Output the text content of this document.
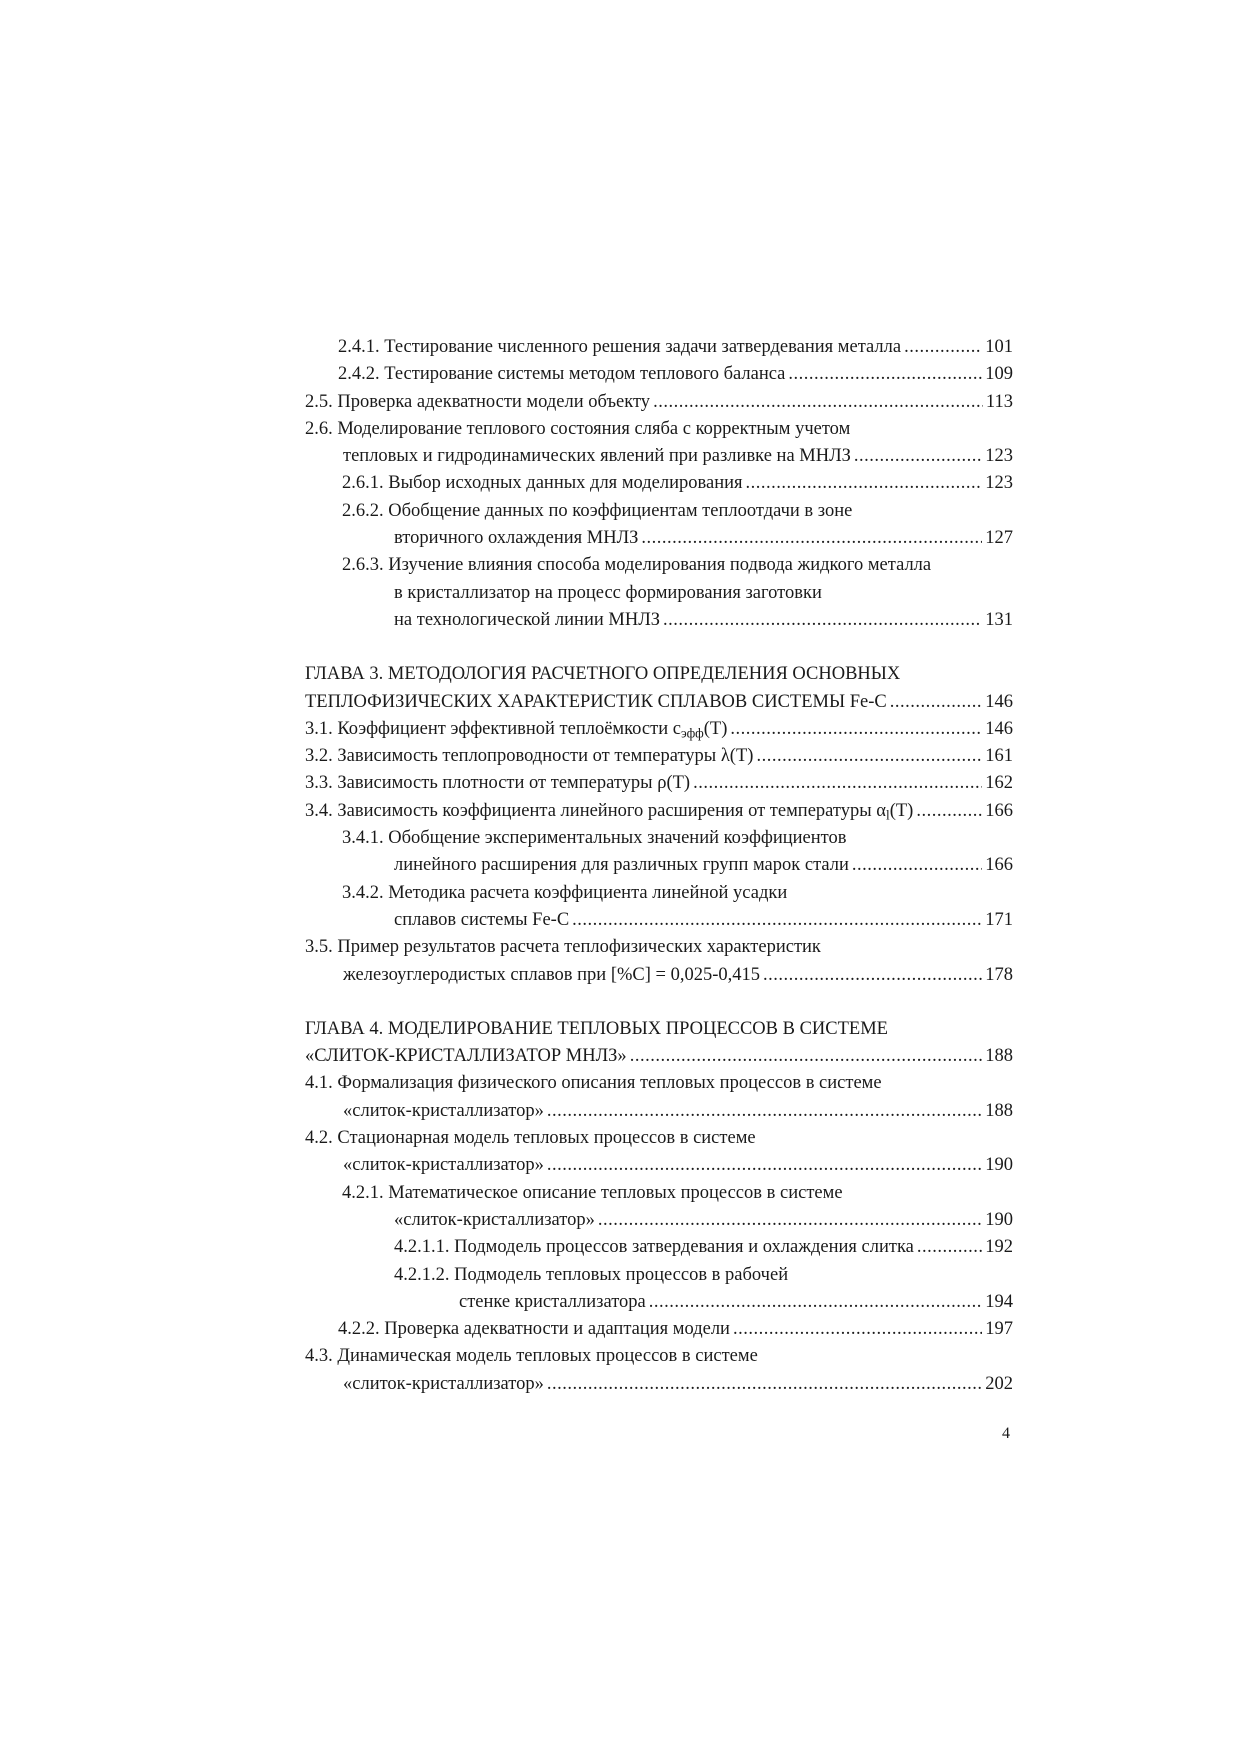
2.4.1. Тестирование численного решения задачи затвердевания металла .....	101
2.4.2. Тестирование системы методом теплового баланса .....	109
2.5. Проверка адекватности модели объекту .....	113
2.6. Моделирование теплового состояния сляба с корректным учетом
тепловых и гидродинамических явлений при разливке на МНЛЗ .....	123
2.6.1. Выбор исходных данных для моделирования .....	123
2.6.2. Обобщение данных по коэффициентам теплоотдачи в зоне
вторичного охлаждения МНЛЗ .....	127
2.6.3. Изучение влияния способа моделирования подвода жидкого металла
в кристаллизатор на процесс формирования заготовки
на технологической линии МНЛЗ .....	131
ГЛАВА 3. МЕТОДОЛОГИЯ РАСЧЕТНОГО ОПРЕДЕЛЕНИЯ ОСНОВНЫХ
ТЕПЛОФИЗИЧЕСКИХ ХАРАКТЕРИСТИК СПЛАВОВ СИСТЕМЫ Fe-C .....	146
3.1. Коэффициент эффективной теплоёмкости $c_{эфф}(T)$ .....	146
3.2. Зависимость теплопроводности от температуры λ(T) .....	161
3.3. Зависимость плотности от температуры ρ(T) .....	162
3.4. Зависимость коэффициента линейного расширения от температуры $\alpha_l(T)$ .....	166
3.4.1. Обобщение экспериментальных значений коэффициентов
линейного расширения для различных групп марок стали .....	166
3.4.2. Методика расчета коэффициента линейной усадки
сплавов системы Fe-C .....	171
3.5. Пример результатов расчета теплофизических характеристик
железоуглеродистых сплавов при [%C] = 0,025-0,415 .....	178
ГЛАВА 4. МОДЕЛИРОВАНИЕ ТЕПЛОВЫХ ПРОЦЕССОВ В СИСТЕМЕ
«СЛИТОК-КРИСТАЛЛИЗАТОР МНЛЗ» .....	188
4.1. Формализация физического описания тепловых процессов в системе
«слиток-кристаллизатор» .....	188
4.2. Стационарная модель тепловых процессов в системе
«слиток-кристаллизатор» .....	190
4.2.1. Математическое описание тепловых процессов в системе
«слиток-кристаллизатор» .....	190
4.2.1.1. Подмодель процессов затвердевания и охлаждения слитка .....	192
4.2.1.2. Подмодель тепловых процессов в рабочей
стенке кристаллизатора .....	194
4.2.2. Проверка адекватности и адаптация модели .....	197
4.3. Динамическая модель тепловых процессов в системе
«слиток-кристаллизатор» .....	202
4
